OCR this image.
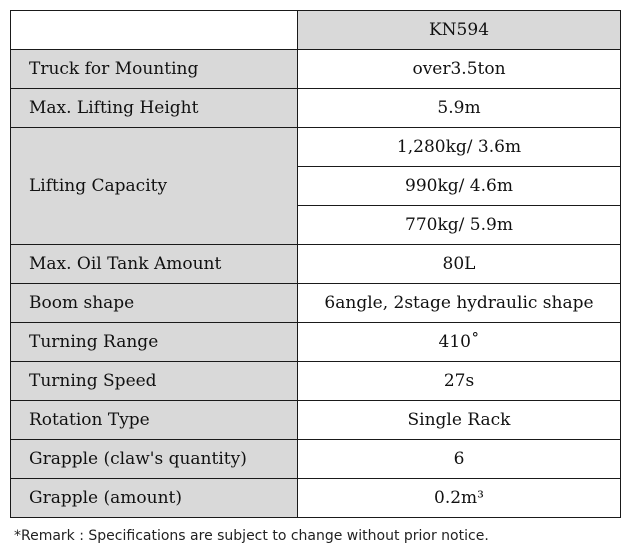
	KN594
Truck for Mounting	over3.5ton
Max. Lifting Height	5.9m
Lifting Capacity	1,280kg/ 3.6m
	990kg/ 4.6m
	770kg/ 5.9m
Max. Oil Tank Amount	80L
Boom shape	6angle, 2stage hydraulic shape
Turning Range	410˚
Turning Speed	27s
Rotation Type	Single Rack
Grapple (claw's quantity)	6
Grapple (amount)	0.2m³
*Remark : Specifications are subject to change without prior notice.
